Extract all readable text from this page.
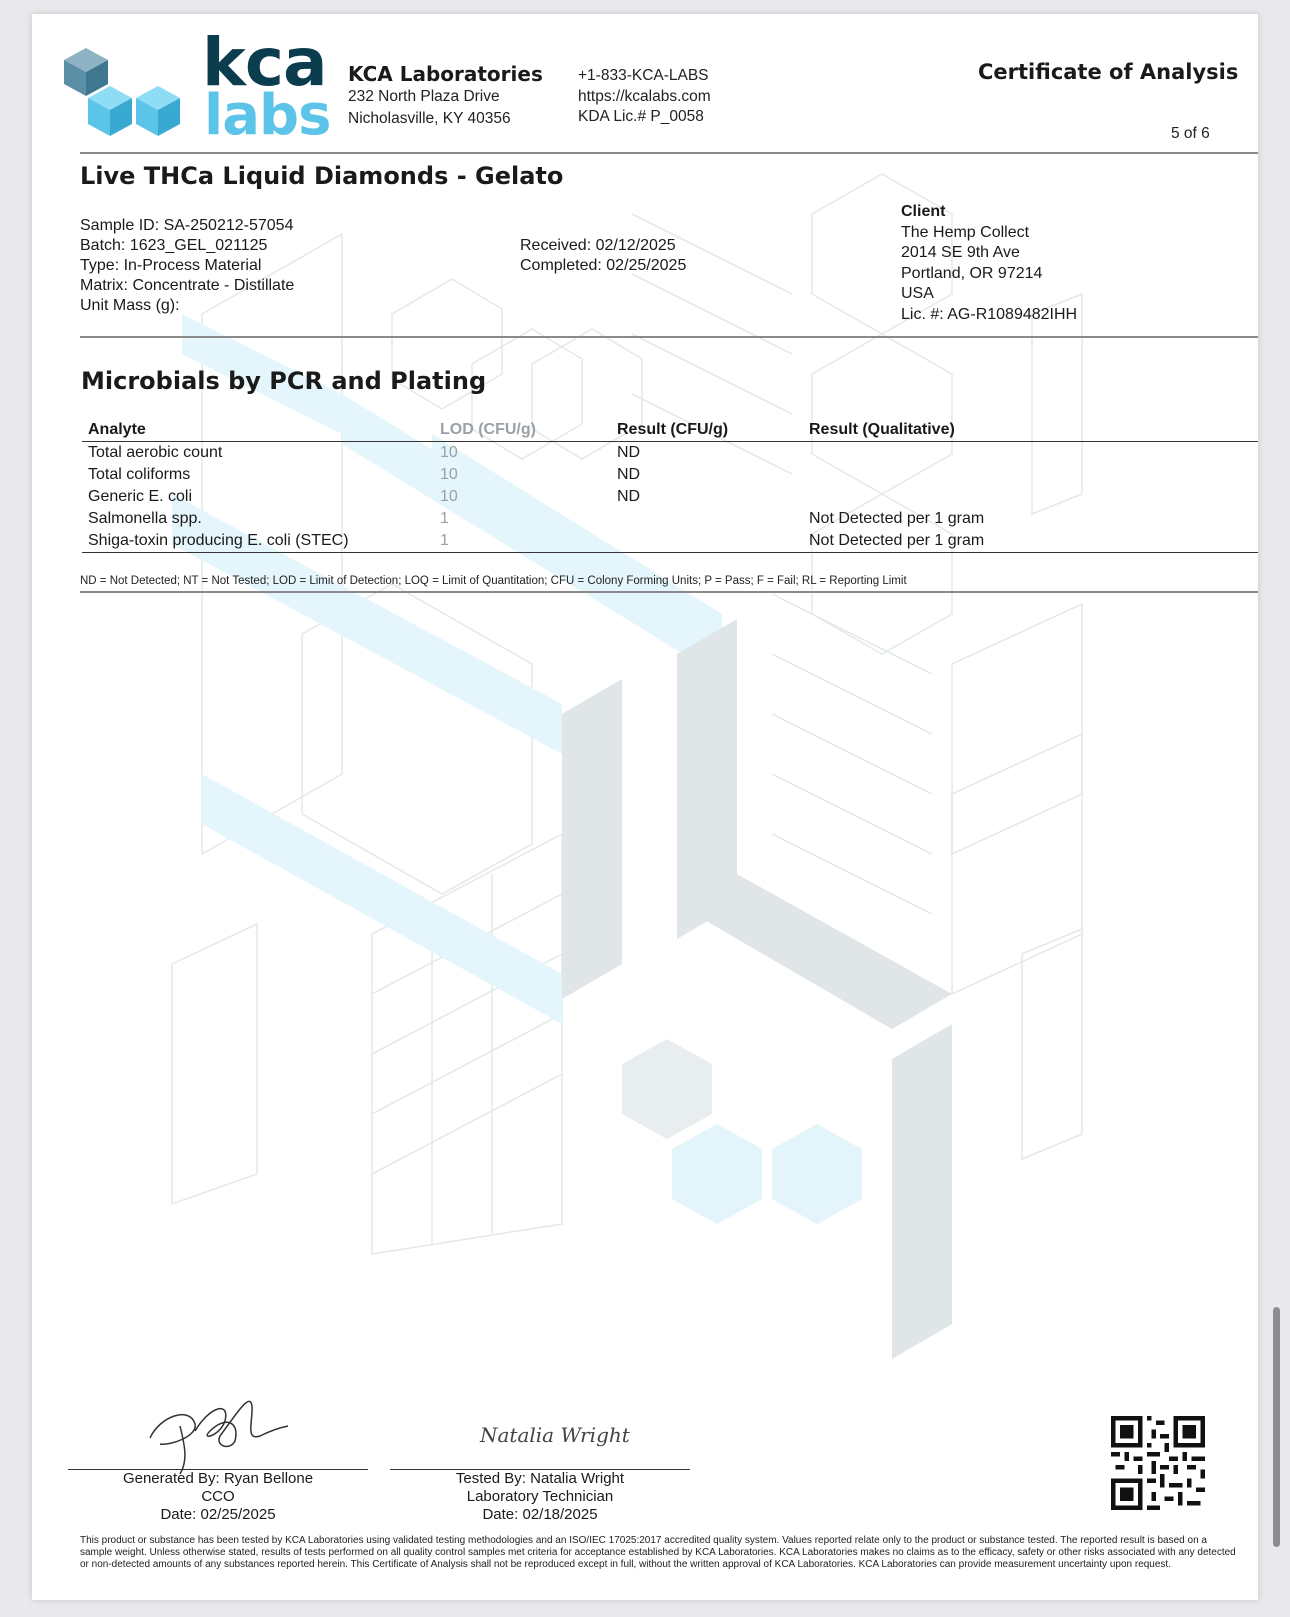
kca
labs
KCA Laboratories
232 North Plaza Drive
Nicholasville, KY 40356
+1-833-KCA-LABS
https://kcalabs.com
KDA Lic.# P_0058
Certificate of Analysis
5 of 6
Live THCa Liquid Diamonds - Gelato
Sample ID: SA-250212-57054
Batch: 1623_GEL_021125
Type: In-Process Material
Matrix: Concentrate - Distillate
Unit Mass (g):
Received: 02/12/2025
Completed: 02/25/2025
Client
The Hemp Collect
2014 SE 9th Ave
Portland, OR 97214
USA
Lic. #: AG-R1089482IHH
Microbials by PCR and Plating
Analyte	LOD (CFU/g)	Result (CFU/g)	Result (Qualitative)
Total aerobic count	10	ND	
Total coliforms	10	ND	
Generic E. coli	10	ND	
Salmonella spp.	1		Not Detected per 1 gram
Shiga-toxin producing E. coli (STEC)	1		Not Detected per 1 gram
ND = Not Detected; NT = Not Tested; LOD = Limit of Detection; LOQ = Limit of Quantitation; CFU = Colony Forming Units; P = Pass; F = Fail; RL = Reporting Limit
Natalia Wright
Generated By: Ryan Bellone
CCO
Date: 02/25/2025
Tested By: Natalia Wright
Laboratory Technician
Date: 02/18/2025
This product or substance has been tested by KCA Laboratories using validated testing methodologies and an ISO/IEC 17025:2017 accredited quality system. Values reported relate only to the product or substance tested. The reported result is based on a sample weight. Unless otherwise stated, results of tests performed on all quality control samples met criteria for acceptance established by KCA Laboratories. KCA Laboratories makes no claims as to the efficacy, safety or other risks associated with any detected or non-detected amounts of any substances reported herein. This Certificate of Analysis shall not be reproduced except in full, without the written approval of KCA Laboratories. KCA Laboratories can provide measurement uncertainty upon request.
